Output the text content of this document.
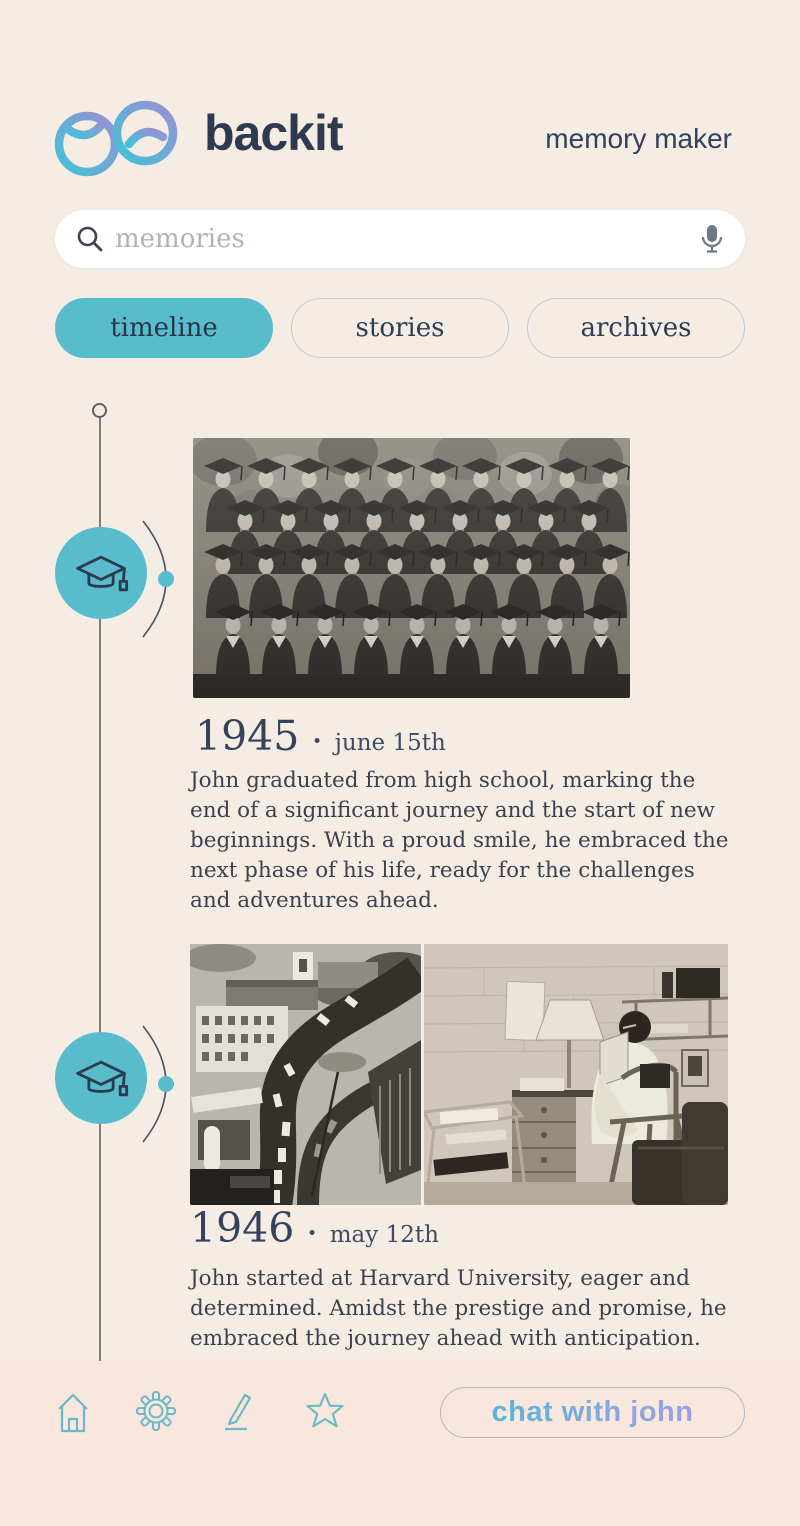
backit	memory maker
memories
timeline	stories	archives
1945 · june 15th

John graduated from high school, marking the end of a significant journey and the start of new beginnings. With a proud smile, he embraced the next phase of his life, ready for the challenges and adventures ahead.

1946 · may 12th

John started at Harvard University, eager and determined. Amidst the prestige and promise, he embraced the journey ahead with anticipation.

chat with john
